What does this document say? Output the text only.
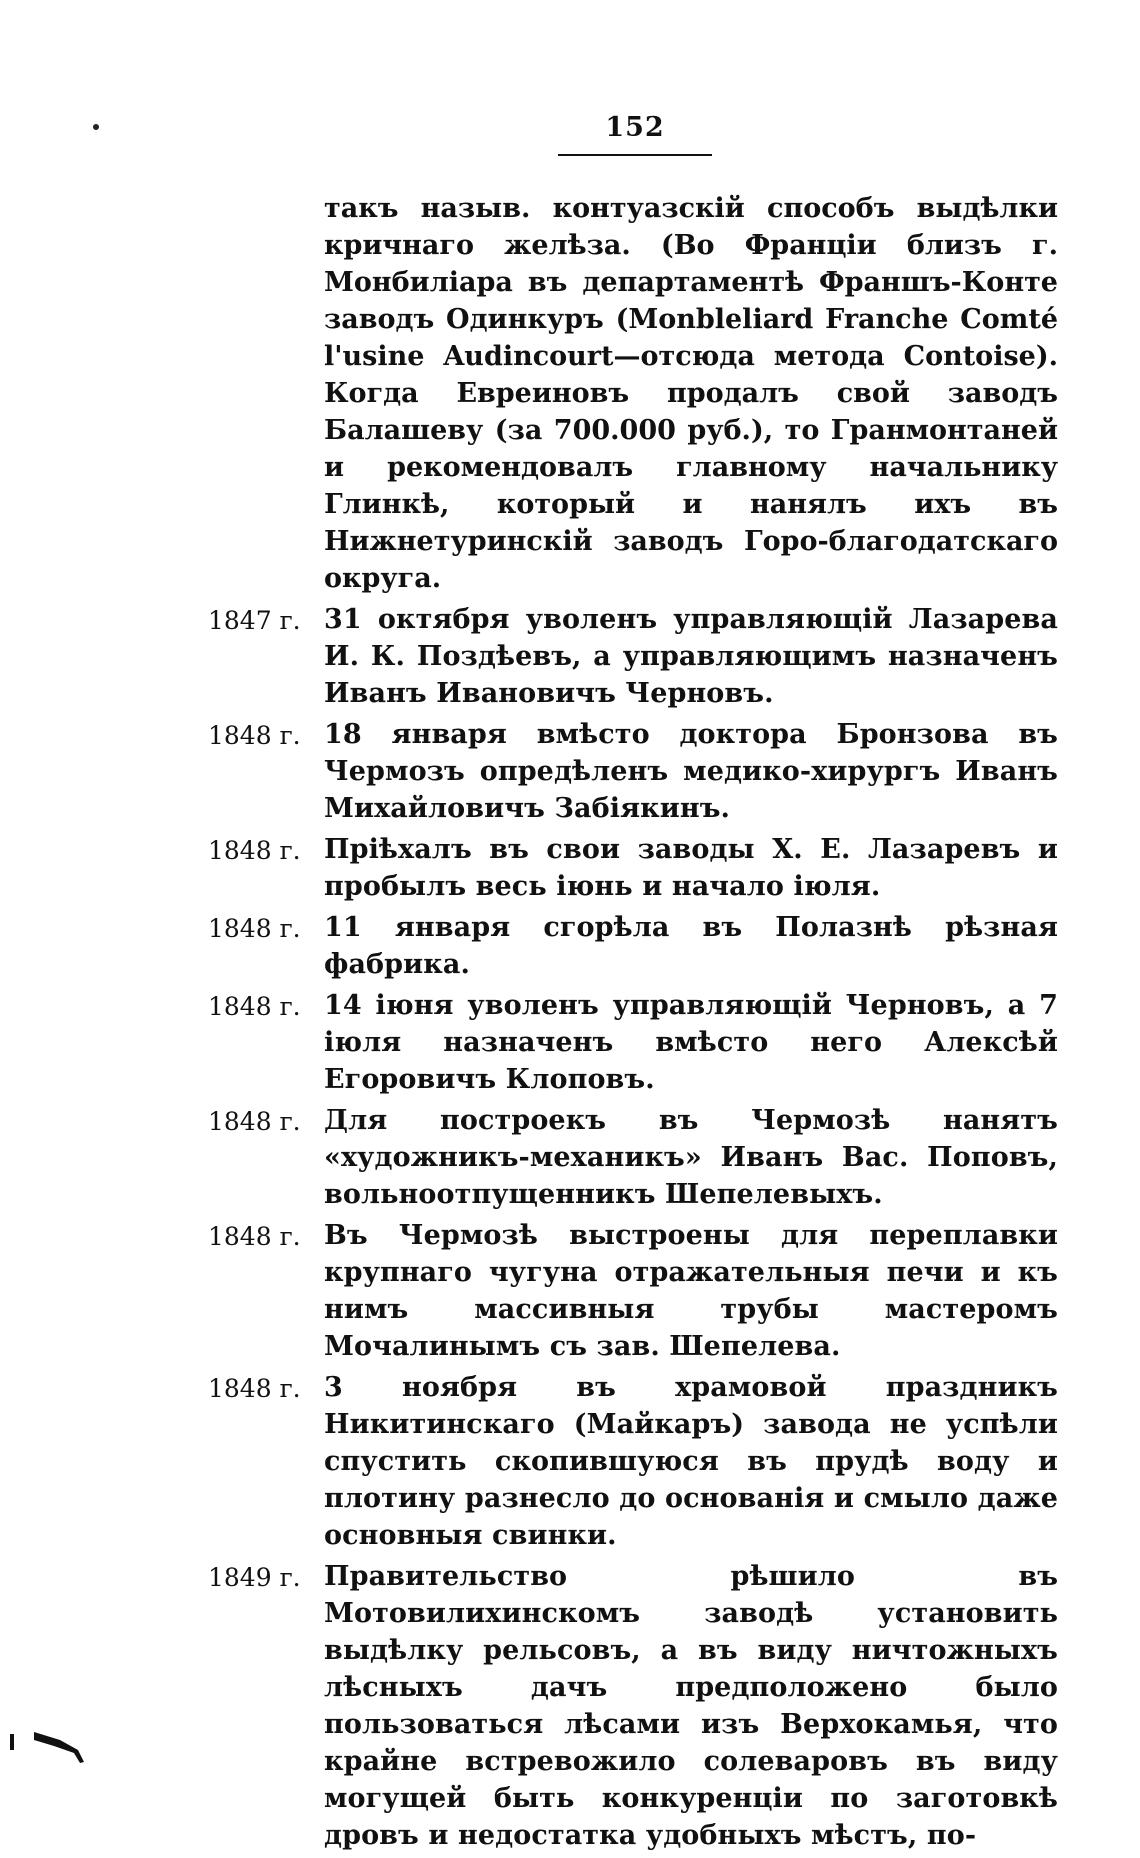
152
такъ назыв. контуазскій способъ выдѣлки кричнаго желѣза. (Во Франціи близъ г. Монбиліара въ департаментѣ Франшъ-Конте заводъ Одинкуръ (Monbleliard Franche Comté l'usine Audincourt—отсюда метода Contoise). Когда Евреиновъ продалъ свой заводъ Балашеву (за 700.000 руб.), то Гранмонтаней и рекомендовалъ главному начальнику Глинкѣ, который и нанялъ ихъ въ Нижнетуринскій заводъ Горо-благодатскаго округа.
1847 г. 31 октября уволенъ управляющій Лазарева И. К. Поздѣевъ, а управляющимъ назначенъ Иванъ Ивановичъ Черновъ.
1848 г. 18 января вмѣсто доктора Бронзова въ Чермозъ опредѣленъ медико-хирургъ Иванъ Михайловичъ Забіякинъ.
1848 г. Пріѣхалъ въ свои заводы Х. Е. Лазаревъ и пробылъ весь іюнь и начало іюля.
1848 г. 11 января сгорѣла въ Полазнѣ рѣзная фабрика.
1848 г. 14 іюня уволенъ управляющій Черновъ, а 7 іюля назначенъ вмѣсто него Алексѣй Егоровичъ Клоповъ.
1848 г. Для построекъ въ Чермозѣ нанятъ «художникъ-механикъ» Иванъ Вас. Поповъ, вольноотпущенникъ Шепелевыхъ.
1848 г. Въ Чермозѣ выстроены для переплавки крупнаго чугуна отражательныя печи и къ нимъ массивныя трубы мастеромъ Мочалинымъ съ зав. Шепелева.
1848 г. 3 ноября въ храмовой праздникъ Никитинскаго (Майкаръ) завода не успѣли спустить скопившуюся въ прудѣ воду и плотину разнесло до основанія и смыло даже основныя свинки.
1849 г. Правительство рѣшило въ Мотовилихинскомъ заводѣ установить выдѣлку рельсовъ, а въ виду ничтожныхъ лѣсныхъ дачъ предположено было пользоваться лѣсами изъ Верхокамья, что крайне встревожило солеваровъ въ виду могущей быть конкуренціи по заготовкѣ дровъ и недостатка удобныхъ мѣстъ, по-
